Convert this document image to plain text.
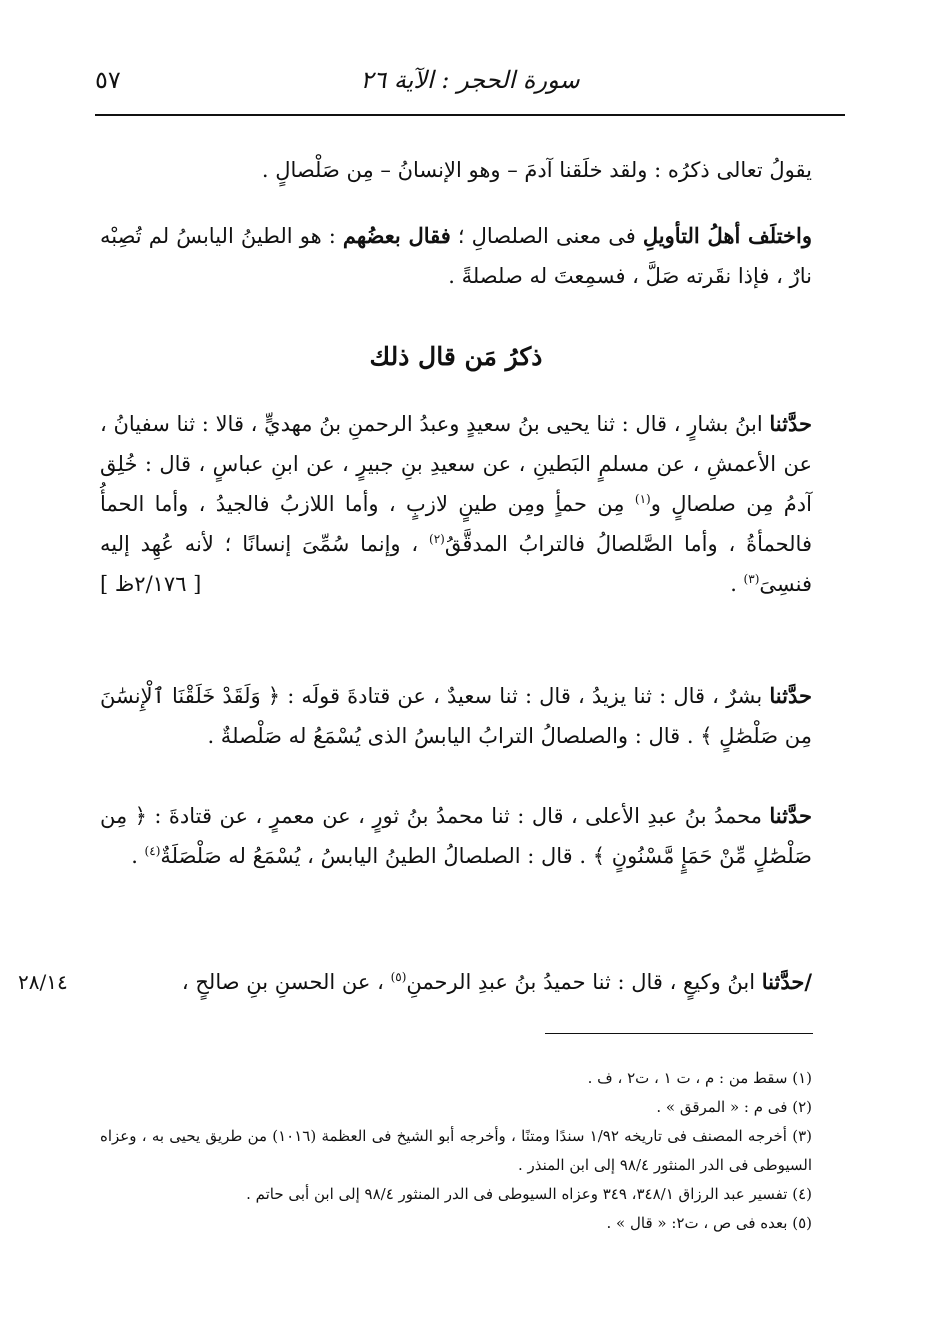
سورة الحجر : الآية ٢٦
٥٧
يقولُ تعالى ذكرُه : ولقد خلَقنا آدمَ – وهو الإنسانُ – مِن صَلْصالٍ .
واختلَف أهلُ التأويلِ فى معنى الصلصالِ ؛ فقال بعضُهم : هو الطينُ اليابسُ لم تُصِبْه نارٌ ، فإذا نقَرته صَلَّ ، فسمِعتَ له صلصلةً .
ذكرُ مَن قال ذلك
حدَّثنا ابنُ بشارٍ ، قال : ثنا يحيى بنُ سعيدٍ وعبدُ الرحمنِ بنُ مهديٍّ ، قالا : ثنا سفيانُ ، عن الأعمشِ ، عن مسلمٍ البَطينِ ، عن سعيدِ بنِ جبيرٍ ، عن ابنِ عباسٍ ، قال : خُلِق آدمُ مِن صلصالٍ و$^{(١)}$ مِن حمأٍ ومِن طينٍ لازبٍ ، وأما اللازبُ فالجيدُ ، وأما الحمأُ فالحمأةُ ، وأما الصَّلصالُ فالترابُ المدقَّقُ$^{(٢)}$ ، وإنما سُمِّىَ إنسانًا ؛ لأنه عُهِد إليه فنسِىَ$^{(٣)}$ .
[ ٢/١٧٦ظ ]
حدَّثنا بشرٌ ، قال : ثنا يزيدُ ، قال : ثنا سعيدٌ ، عن قتادةَ قولَه : ﴿ وَلَقَدْ خَلَقْنَا ٱلْإِنسَٰنَ مِن صَلْصَٰلٍ ﴾ . قال : والصلصالُ الترابُ اليابسُ الذى يُسْمَعُ له صَلْصلةٌ .
حدَّثنا محمدُ بنُ عبدِ الأعلى ، قال : ثنا محمدُ بنُ ثورٍ ، عن معمرٍ ، عن قتادةَ : ﴿ مِن صَلْصَٰلٍ مِّنْ حَمَإٍ مَّسْنُونٍ ﴾ . قال : الصلصالُ الطينُ اليابسُ ، يُسْمَعُ له صَلْصَلَةٌ$^{(٤)}$ .
/حدَّثنا ابنُ وكيعٍ ، قال : ثنا حميدُ بنُ عبدِ الرحمنِ$^{(٥)}$ ، عن الحسنِ بنِ صالحٍ ،
٢٨/١٤
(١) سقط من : م ، ت ١ ، ت٢ ، ف .
(٢) فى م : « المرقق » .
(٣) أخرجه المصنف فى تاريخه ١/٩٢ سندًا ومتنًا ، وأخرجه أبو الشيخ فى العظمة (١٠١٦) من طريق يحيى به ، وعزاه السيوطى فى الدر المنثور ٩٨/٤ إلى ابن المنذر .
(٤) تفسير عبد الرزاق ٣٤٨/١، ٣٤٩ وعزاه السيوطى فى الدر المنثور ٩٨/٤ إلى ابن أبى حاتم .
(٥) بعده فى ص ، ت٢: « قال » .
